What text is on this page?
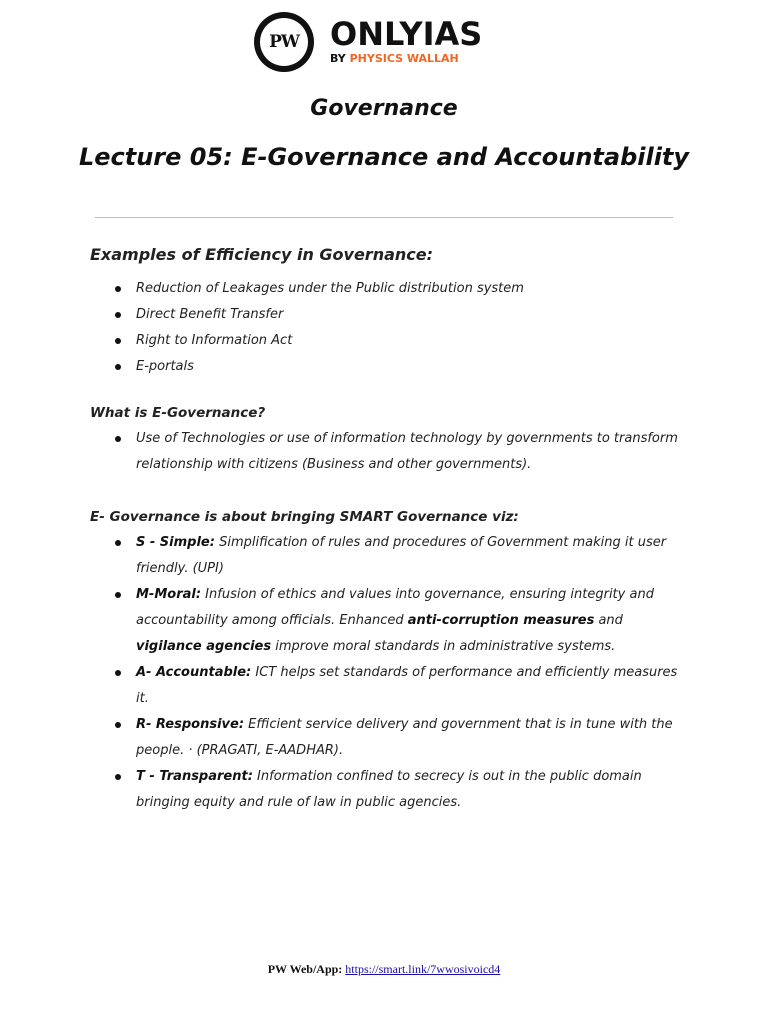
PW ONLYIAS
BY PHYSICS WALLAH
Governance
Lecture 05: E-Governance and Accountability
Examples of Efficiency in Governance:
Reduction of Leakages under the Public distribution system
Direct Benefit Transfer
Right to Information Act
E-portals
What is E-Governance?
Use of Technologies or use of information technology by governments to transform relationship with citizens (Business and other governments).
E- Governance is about bringing SMART Governance viz:
S - Simple: Simplification of rules and procedures of Government making it user friendly. (UPI)
M-Moral: Infusion of ethics and values into governance, ensuring integrity and accountability among officials. Enhanced anti-corruption measures and vigilance agencies improve moral standards in administrative systems.
A- Accountable: ICT helps set standards of performance and efficiently measures it.
R- Responsive: Efficient service delivery and government that is in tune with the people. · (PRAGATI, E-AADHAR).
T - Transparent: Information confined to secrecy is out in the public domain bringing equity and rule of law in public agencies.
PW Web/App: https://smart.link/7wwosivoicd4
